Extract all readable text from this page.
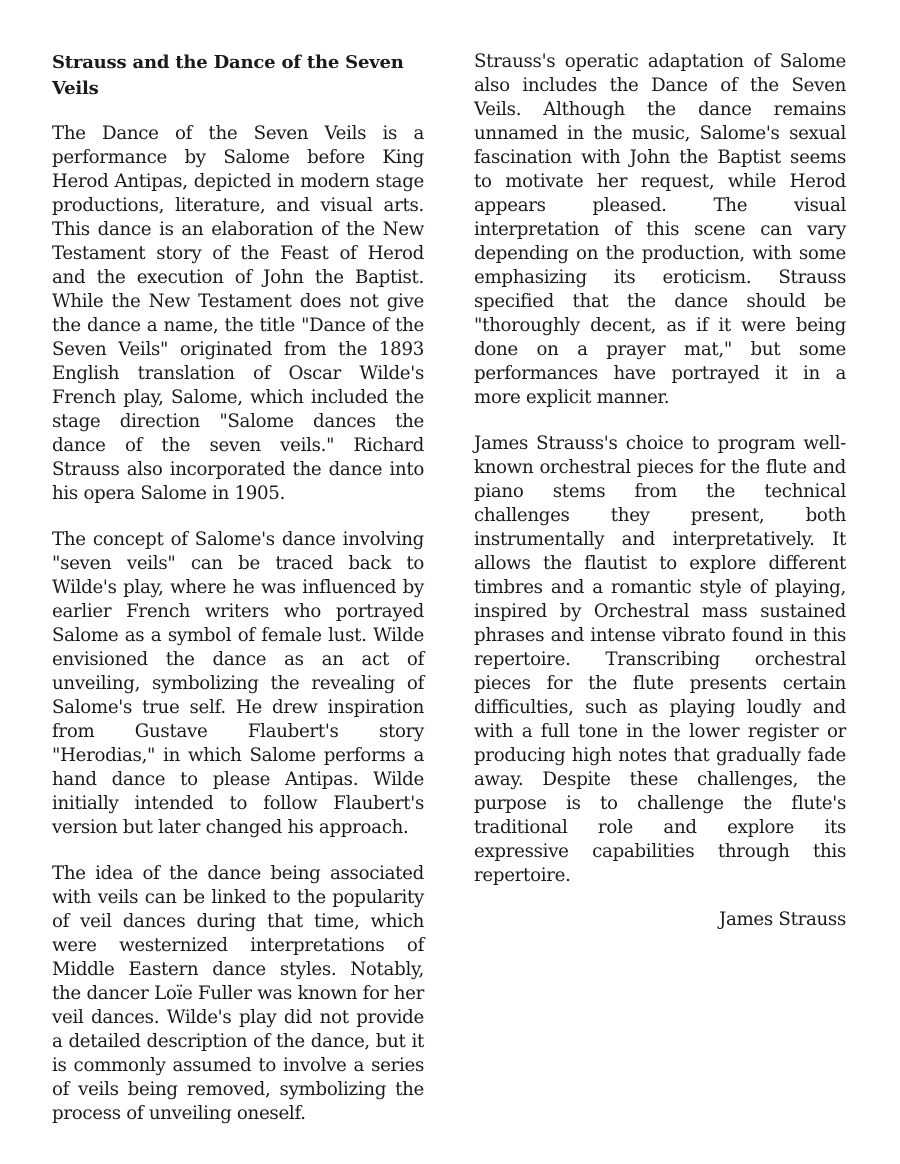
Strauss and the Dance of the Seven Veils

The Dance of the Seven Veils is a performance by Salome before King Herod Antipas, depicted in modern stage productions, literature, and visual arts. This dance is an elaboration of the New Testament story of the Feast of Herod and the execution of John the Baptist. While the New Testament does not give the dance a name, the title "Dance of the Seven Veils" originated from the 1893 English translation of Oscar Wilde's French play, Salome, which included the stage direction "Salome dances the dance of the seven veils." Richard Strauss also incorporated the dance into his opera Salome in 1905.

The concept of Salome's dance involving "seven veils" can be traced back to Wilde's play, where he was influenced by earlier French writers who portrayed Salome as a symbol of female lust. Wilde envisioned the dance as an act of unveiling, symbolizing the revealing of Salome's true self. He drew inspiration from Gustave Flaubert's story "Herodias," in which Salome performs a hand dance to please Antipas. Wilde initially intended to follow Flaubert's version but later changed his approach.

The idea of the dance being associated with veils can be linked to the popularity of veil dances during that time, which were westernized interpretations of Middle Eastern dance styles. Notably, the dancer Loïe Fuller was known for her veil dances. Wilde's play did not provide a detailed description of the dance, but it is commonly assumed to involve a series of veils being removed, symbolizing the process of unveiling oneself.

Strauss's operatic adaptation of Salome also includes the Dance of the Seven Veils. Although the dance remains unnamed in the music, Salome's sexual fascination with John the Baptist seems to motivate her request, while Herod appears pleased. The visual interpretation of this scene can vary depending on the production, with some emphasizing its eroticism. Strauss specified that the dance should be "thoroughly decent, as if it were being done on a prayer mat," but some performances have portrayed it in a more explicit manner.

James Strauss's choice to program well-known orchestral pieces for the flute and piano stems from the technical challenges they present, both instrumentally and interpretatively. It allows the flautist to explore different timbres and a romantic style of playing, inspired by Orchestral mass sustained phrases and intense vibrato found in this repertoire. Transcribing orchestral pieces for the flute presents certain difficulties, such as playing loudly and with a full tone in the lower register or producing high notes that gradually fade away. Despite these challenges, the purpose is to challenge the flute's traditional role and explore its expressive capabilities through this repertoire.

James Strauss
